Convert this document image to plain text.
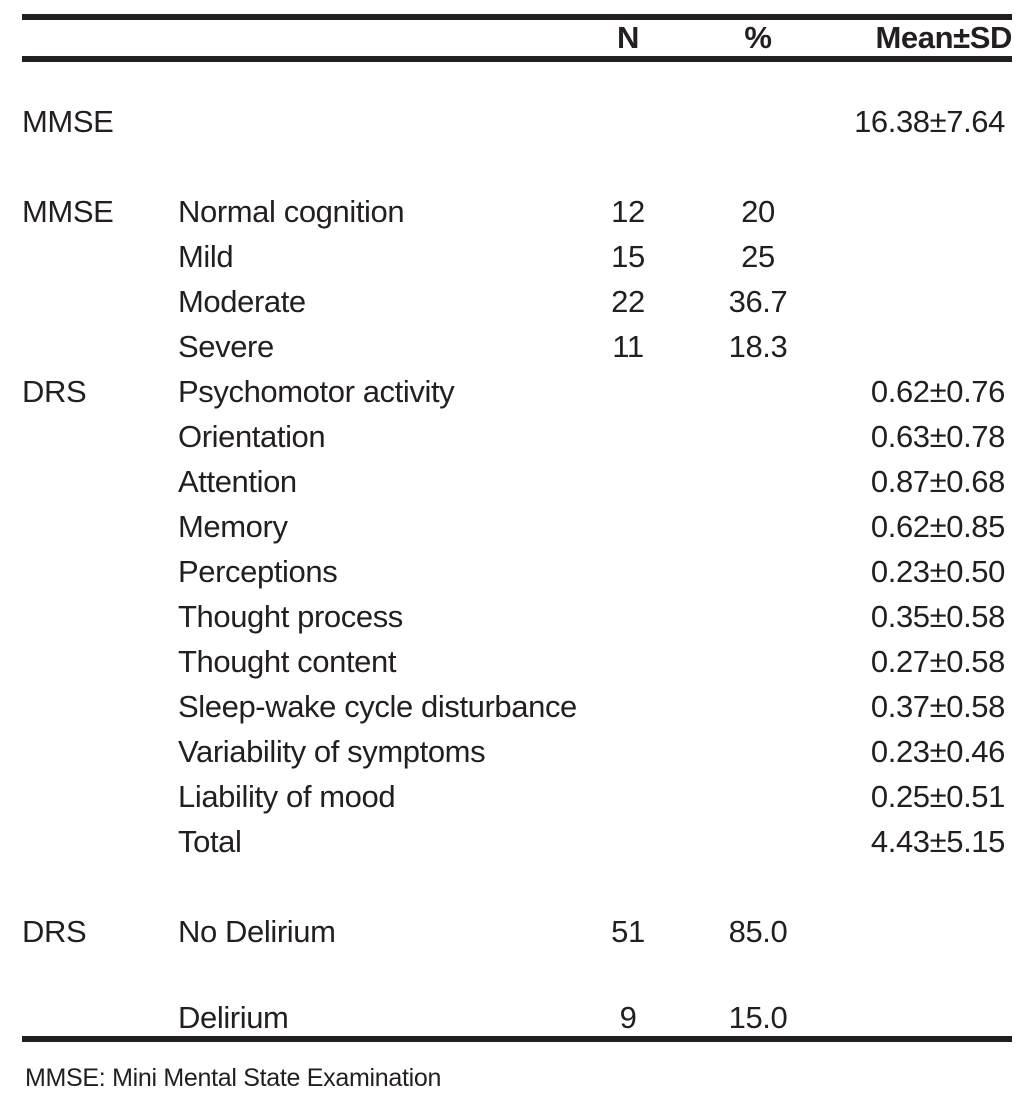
		N	%	Mean±SD

MMSE				16.38±7.64

MMSE	Normal cognition	12	20	
	Mild	15	25	
	Moderate	22	36.7	
	Severe	11	18.3	
DRS	Psychomotor activity			0.62±0.76
	Orientation			0.63±0.78
	Attention			0.87±0.68
	Memory			0.62±0.85
	Perceptions			0.23±0.50
	Thought process			0.35±0.58
	Thought content			0.27±0.58
	Sleep-wake cycle disturbance			0.37±0.58
	Variability of symptoms			0.23±0.46
	Liability of mood			0.25±0.51
	Total			4.43±5.15

DRS	No Delirium	51	85.0	

	Delirium	9	15.0	
MMSE: Mini Mental State Examination
